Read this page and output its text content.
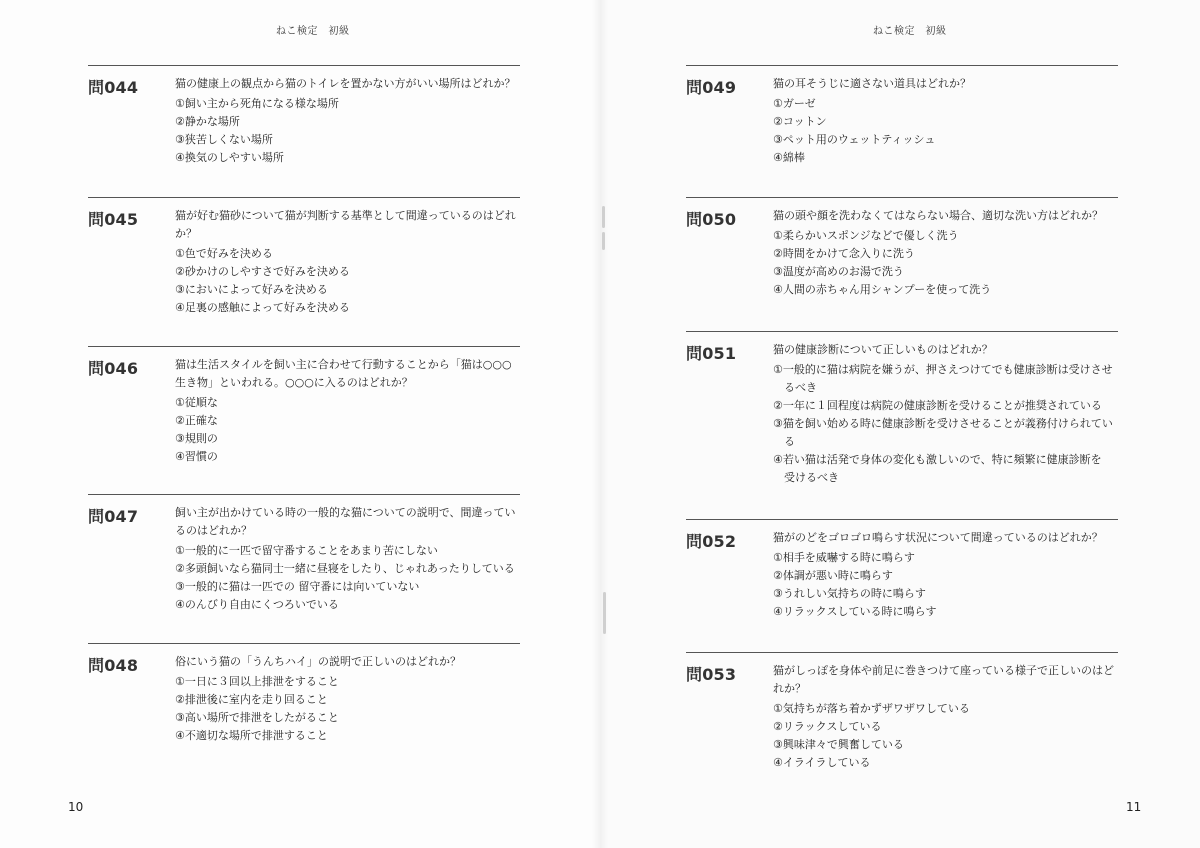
ねこ検定　初級
問044	猫の健康上の観点から猫のトイレを置かない方がいい場所はどれか？

①飼い主から死角になる様な場所

②静かな場所

③狭苦しくない場所

④換気のしやすい場所

問045	猫が好む猫砂について猫が判断する基準として間違っているのはどれ

か？

①色で好みを決める

②砂かけのしやすさで好みを決める

③においによって好みを決める

④足裏の感触によって好みを決める

問046	猫は生活スタイルを飼い主に合わせて行動することから「猫は○○○

生き物」といわれる。○○○に入るのはどれか？

①従順な

②正確な

③規則の

④習慣の

問047	飼い主が出かけている時の一般的な猫についての説明で、間違ってい

るのはどれか？

①一般的に一匹で留守番することをあまり苦にしない

②多頭飼いなら猫同士一緒に昼寝をしたり、じゃれあったりしている

③一般的に猫は一匹での 留守番には向いていない

④のんびり自由にくつろいでいる

問048	俗にいう猫の「うんちハイ」の説明で正しいのはどれか？

①一日に３回以上排泄をすること

②排泄後に室内を走り回ること

③高い場所で排泄をしたがること

④不適切な場所で排泄すること

10
ねこ検定　初級
問049	猫の耳そうじに適さない道具はどれか？

①ガーゼ

②コットン

③ペット用のウェットティッシュ

④綿棒

問050	猫の頭や顔を洗わなくてはならない場合、適切な洗い方はどれか？

①柔らかいスポンジなどで優しく洗う

②時間をかけて念入りに洗う

③温度が高めのお湯で洗う

④人間の赤ちゃん用シャンプーを使って洗う

問051	猫の健康診断について正しいものはどれか？

①一般的に猫は病院を嫌うが、押さえつけてでも健康診断は受けさせ

　るべき

②一年に１回程度は病院の健康診断を受けることが推奨されている

③猫を飼い始める時に健康診断を受けさせることが義務付けられてい

　る

④若い猫は活発で身体の変化も激しいので、特に頻繁に健康診断を

　受けるべき

問052	猫がのどをゴロゴロ鳴らす状況について間違っているのはどれか？

①相手を威嚇する時に鳴らす

②体調が悪い時に鳴らす

③うれしい気持ちの時に鳴らす

④リラックスしている時に鳴らす

問053	猫がしっぽを身体や前足に巻きつけて座っている様子で正しいのはど

れか？

①気持ちが落ち着かずザワザワしている

②リラックスしている

③興味津々で興奮している

④イライラしている

11
